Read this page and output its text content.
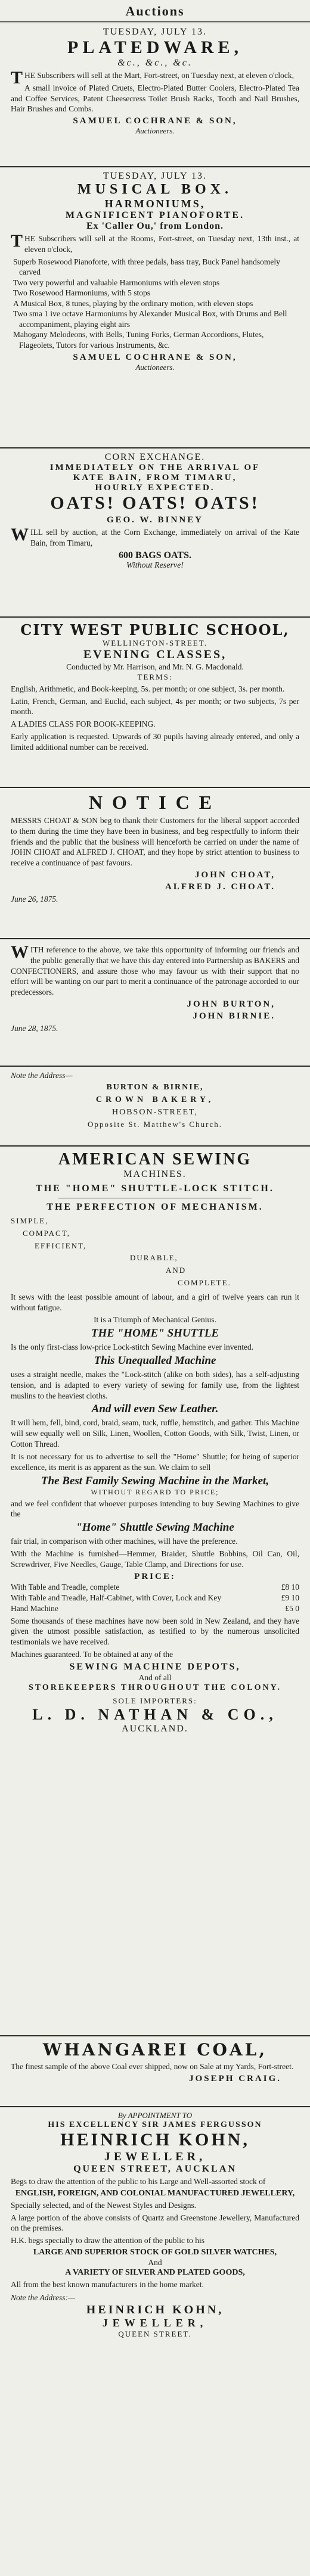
Auctions
TUESDAY, JULY 13.
PLATEDWARE,
&c., &c., &c.
THE Subscribers will sell at the Mart, Fort-street, on Tuesday next, at eleven o'clock,
A small invoice of Plated Cruets, Electro-Plated Butter Coolers, Electro-Plated Tea and Coffee Services, Patent Cheesecress Toilet Brush Racks, Tooth and Nail Brushes, Hair Brushes and Combs.
SAMUEL COCHRANE & SON,
Auctioneers.
TUESDAY, JULY 13.
MUSICAL BOX.
HARMONIUMS,
MAGNIFICENT PIANOFORTE.
Ex 'Caller Ou,' from London.
THE Subscribers will sell at the Rooms, Fort-street, on Tuesday next, 13th inst., at eleven o'clock,
Superb Rosewood Pianoforte, with three pedals, bass tray, Buck Panel handsomely carved
Two very powerful and valuable Harmoniums with eleven stops
Two Rosewood Harmoniums, with 5 stops
A Musical Box, 8 tunes, playing by the ordinary motion, with eleven stops
Two sma 1 ive octave Harmoniums by Alexander Musical Box, with Drums and Bell accompaniment, playing eight airs
Mahogany Melodeons, with Bells, Tuning Forks, German Accordions, Flutes, Flageolets, Tutors for various Instruments, &c.
SAMUEL COCHRANE & SON,
Auctioneers.
CORN EXCHANGE.
IMMEDIATELY ON THE ARRIVAL OF
KATE BAIN, FROM TIMARU,
HOURLY EXPECTED.
OATS! OATS! OATS!
GEO. W. BINNEY
WILL sell by auction, at the Corn Exchange, immediately on arrival of the Kate Bain, from Timaru,
600 BAGS OATS.
Without Reserve!
CITY WEST PUBLIC SCHOOL,
WELLINGTON-STREET.
EVENING CLASSES,
Conducted by Mr. Harrison, and Mr. N. G. Macdonald.
TERMS:
English, Arithmetic, and Book-keeping, 5s. per month; or one subject, 3s. per month.
Latin, French, German, and Euclid, each subject, 4s per month; or two subjects, 7s per month.
A LADIES CLASS FOR BOOK-KEEPING.
Early application is requested. Upwards of 30 pupils having already entered, and only a limited additional number can be received.
NOTICE
MESSRS CHOAT & SON beg to thank their Customers for the liberal support accorded to them during the time they have been in business, and beg respectfully to inform their friends and the public that the business will henceforth be carried on under the name of JOHN CHOAT and ALFRED J. CHOAT, and they hope by strict attention to business to receive a continuance of past favours.
JOHN CHOAT,
ALFRED J. CHOAT.
June 26, 1875.
WITH reference to the above, we take this opportunity of informing our friends and the public generally that we have this day entered into Partnership as BAKERS and CONFECTIONERS, and assure those who may favour us with their support that no effort will be wanting on our part to merit a continuance of the patronage accorded to our predecessors.
JOHN BURTON,
JOHN BIRNIE.
June 28, 1875.
Note the Address—
BURTON & BIRNIE,
CROWN BAKERY,
HOBSON-STREET,
Opposite St. Matthew's Church.
AMERICAN SEWING
MACHINES.
THE "HOME" SHUTTLE-LOCK STITCH.
THE PERFECTION OF MECHANISM.
SIMPLE,
COMPACT,
EFFICIENT,
DURABLE,
AND
COMPLETE.
It sews with the least possible amount of labour, and a girl of twelve years can run it without fatigue.
It is a Triumph of Mechanical Genius.
THE "HOME" SHUTTLE
Is the only first-class low-price Lock-stitch Sewing Machine ever invented.
This Unequalled Machine
uses a straight needle, makes the "Lock-stitch (alike on both sides), has a self-adjusting tension, and is adapted to every variety of sewing for family use, from the lightest muslins to the heaviest cloths.
And will even Sew Leather.
It will hem, fell, bind, cord, braid, seam, tuck, ruffle, hemstitch, and gather. This Machine will sew equally well on Silk, Linen, Woollen, Cotton Goods, with Silk, Twist, Linen, or Cotton Thread.
It is not necessary for us to advertise to sell the "Home" Shuttle; for being of superior excellence, its merit is as apparent as the sun. We claim to sell
The Best Family Sewing Machine in the Market,
WITHOUT REGARD TO PRICE;
and we feel confident that whoever purposes intending to buy Sewing Machines to give the
"Home" Shuttle Sewing Machine
fair trial, in comparison with other machines, will have the preference.
With the Machine is furnished—Hemmer, Braider, Shuttle Bobbins, Oil Can, Oil, Screwdriver, Five Needles, Gauge, Table Clamp, and Directions for use.
PRICE:
With Table and Treadle, complete	£8 10
With Table and Treadle, Half-Cabinet, with Cover, Lock and Key	£9 10
Hand Machine	£5 0
Some thousands of these machines have now been sold in New Zealand, and they have given the utmost possible satisfaction, as testified to by the numerous unsolicited testimonials we have received.
Machines guaranteed. To be obtained at any of the
SEWING MACHINE DEPOTS,
And of all
STOREKEEPERS THROUGHOUT THE COLONY.
SOLE IMPORTERS:
L. D. NATHAN & CO.,
AUCKLAND.
WHANGAREI COAL,
The finest sample of the above Coal ever shipped, now on Sale at my Yards, Fort-street.
JOSEPH CRAIG.
By APPOINTMENT TO
HIS EXCELLENCY SIR JAMES FERGUSSON
HEINRICH KOHN,
JEWELLER,
QUEEN STREET, AUCKLAN
Begs to draw the attention of the public to his Large and Well-assorted stock of
ENGLISH, FOREIGN, AND COLONIAL MANUFACTURED JEWELLERY,
Specially selected, and of the Newest Styles and Designs.
A large portion of the above consists of Quartz and Greenstone Jewellery, Manufactured on the premises.
H.K. begs specially to draw the attention of the public to his
LARGE AND SUPERIOR STOCK OF GOLD SILVER WATCHES,
And
A VARIETY OF SILVER AND PLATED GOODS,
All from the best known manufacturers in the home market.
Note the Address:—
HEINRICH KOHN,
JEWELLER,
QUEEN STREET.
